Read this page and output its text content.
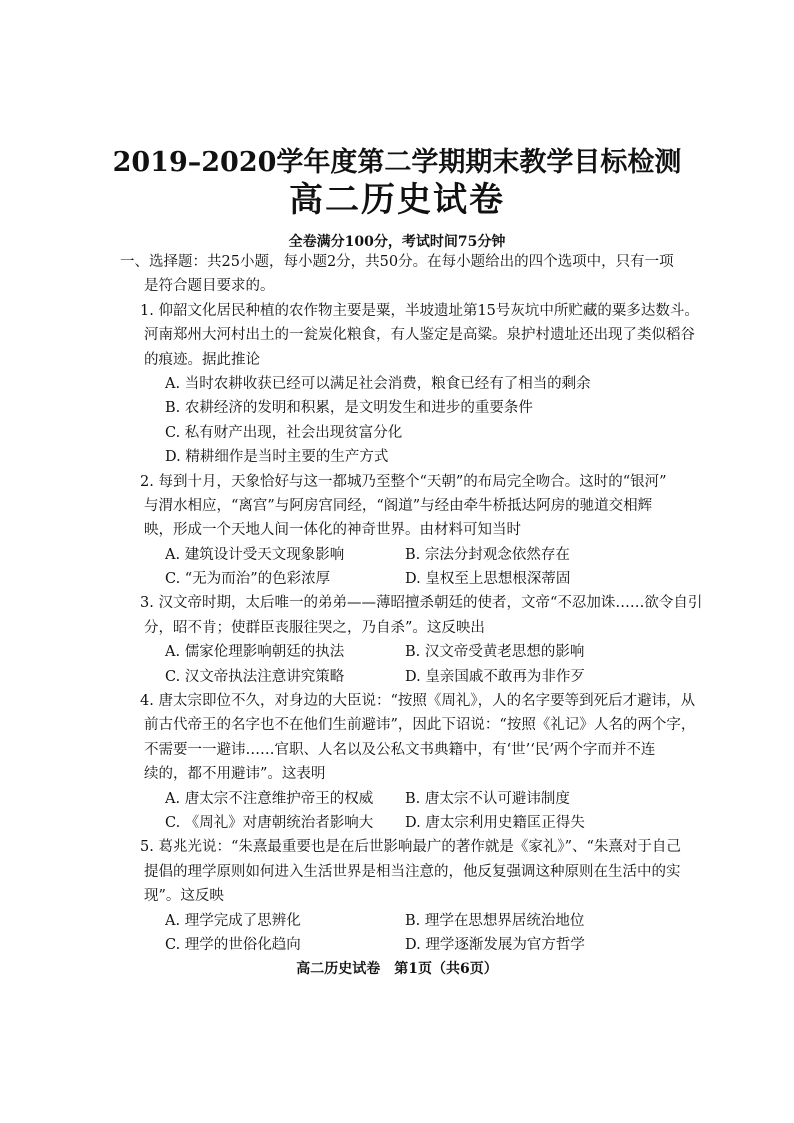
2019–2020学年度第二学期期末教学目标检测
高二历史试卷
全卷满分100分，考试时间75分钟
一、选择题：共25小题，每小题2分，共50分。在每小题给出的四个选项中，只有一项
是符合题目要求的。
1. 仰韶文化居民种植的农作物主要是粟，半坡遗址第15号灰坑中所贮藏的粟多达数斗。
河南郑州大河村出土的一瓮炭化粮食，有人鉴定是高粱。泉护村遗址还出现了类似稻谷
的痕迹。据此推论
A. 当时农耕收获已经可以满足社会消费，粮食已经有了相当的剩余
B. 农耕经济的发明和积累，是文明发生和进步的重要条件
C. 私有财产出现，社会出现贫富分化
D. 精耕细作是当时主要的生产方式
2. 每到十月，天象恰好与这一都城乃至整个“天朝”的布局完全吻合。这时的“银河”
与渭水相应，“离宫”与阿房宫同经，“阁道”与经由牵牛桥抵达阿房的驰道交相辉
映，形成一个天地人间一体化的神奇世界。由材料可知当时
A. 建筑设计受天文现象影响	B. 宗法分封观念依然存在
C. “无为而治”的色彩浓厚	D. 皇权至上思想根深蒂固
3. 汉文帝时期，太后唯一的弟弟——薄昭擅杀朝廷的使者，文帝“不忍加诛……欲令自引
分，昭不肯；使群臣丧服往哭之，乃自杀”。这反映出
A. 儒家伦理影响朝廷的执法	B. 汉文帝受黄老思想的影响
C. 汉文帝执法注意讲究策略	D. 皇亲国戚不敢再为非作歹
4. 唐太宗即位不久，对身边的大臣说：“按照《周礼》，人的名字要等到死后才避讳，从
前古代帝王的名字也不在他们生前避讳”，因此下诏说：“按照《礼记》人名的两个字，
不需要一一避讳……官职、人名以及公私文书典籍中，有‘世’‘民’两个字而并不连
续的，都不用避讳”。这表明
A. 唐太宗不注意维护帝王的权威	B. 唐太宗不认可避讳制度
C. 《周礼》对唐朝统治者影响大	D. 唐太宗利用史籍匡正得失
5. 葛兆光说：“朱熹最重要也是在后世影响最广的著作就是《家礼》”、“朱熹对于自己
提倡的理学原则如何进入生活世界是相当注意的，他反复强调这种原则在生活中的实
现”。这反映
A. 理学完成了思辨化	B. 理学在思想界居统治地位
C. 理学的世俗化趋向	D. 理学逐渐发展为官方哲学
高二历史试卷　第1页（共6页）
